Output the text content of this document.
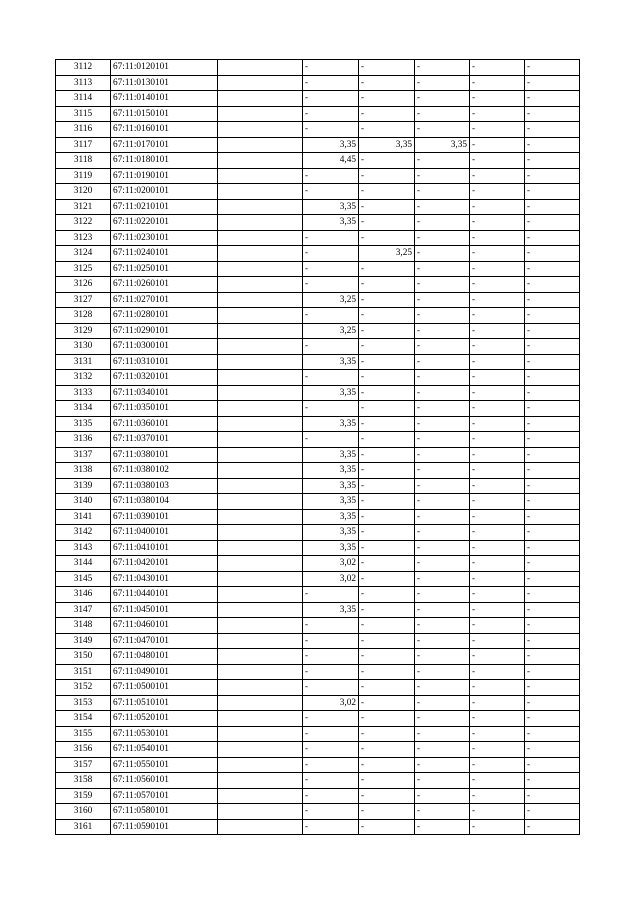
3112	67:11:0120101		-	-	-	-	-
3113	67:11:0130101		-	-	-	-	-
3114	67:11:0140101		-	-	-	-	-
3115	67:11:0150101		-	-	-	-	-
3116	67:11:0160101		-	-	-	-	-
3117	67:11:0170101		3,35	3,35	3,35	-	-
3118	67:11:0180101		4,45	-	-	-	-
3119	67:11:0190101		-	-	-	-	-
3120	67:11:0200101		-	-	-	-	-
3121	67:11:0210101		3,35	-	-	-	-
3122	67:11:0220101		3,35	-	-	-	-
3123	67:11:0230101		-	-	-	-	-
3124	67:11:0240101		-	3,25	-	-	-
3125	67:11:0250101		-	-	-	-	-
3126	67:11:0260101		-	-	-	-	-
3127	67:11:0270101		3,25	-	-	-	-
3128	67:11:0280101		-	-	-	-	-
3129	67:11:0290101		3,25	-	-	-	-
3130	67:11:0300101		-	-	-	-	-
3131	67:11:0310101		3,35	-	-	-	-
3132	67:11:0320101		-	-	-	-	-
3133	67:11:0340101		3,35	-	-	-	-
3134	67:11:0350101		-	-	-	-	-
3135	67:11:0360101		3,35	-	-	-	-
3136	67:11:0370101		-	-	-	-	-
3137	67:11:0380101		3,35	-	-	-	-
3138	67:11:0380102		3,35	-	-	-	-
3139	67:11:0380103		3,35	-	-	-	-
3140	67:11:0380104		3,35	-	-	-	-
3141	67:11:0390101		3,35	-	-	-	-
3142	67:11:0400101		3,35	-	-	-	-
3143	67:11:0410101		3,35	-	-	-	-
3144	67:11:0420101		3,02	-	-	-	-
3145	67:11:0430101		3,02	-	-	-	-
3146	67:11:0440101		-	-	-	-	-
3147	67:11:0450101		3,35	-	-	-	-
3148	67:11:0460101		-	-	-	-	-
3149	67:11:0470101		-	-	-	-	-
3150	67:11:0480101		-	-	-	-	-
3151	67:11:0490101		-	-	-	-	-
3152	67:11:0500101		-	-	-	-	-
3153	67:11:0510101		3,02	-	-	-	-
3154	67:11:0520101		-	-	-	-	-
3155	67:11:0530101		-	-	-	-	-
3156	67:11:0540101		-	-	-	-	-
3157	67:11:0550101		-	-	-	-	-
3158	67:11:0560101		-	-	-	-	-
3159	67:11:0570101		-	-	-	-	-
3160	67:11:0580101		-	-	-	-	-
3161	67:11:0590101		-	-	-	-	-
